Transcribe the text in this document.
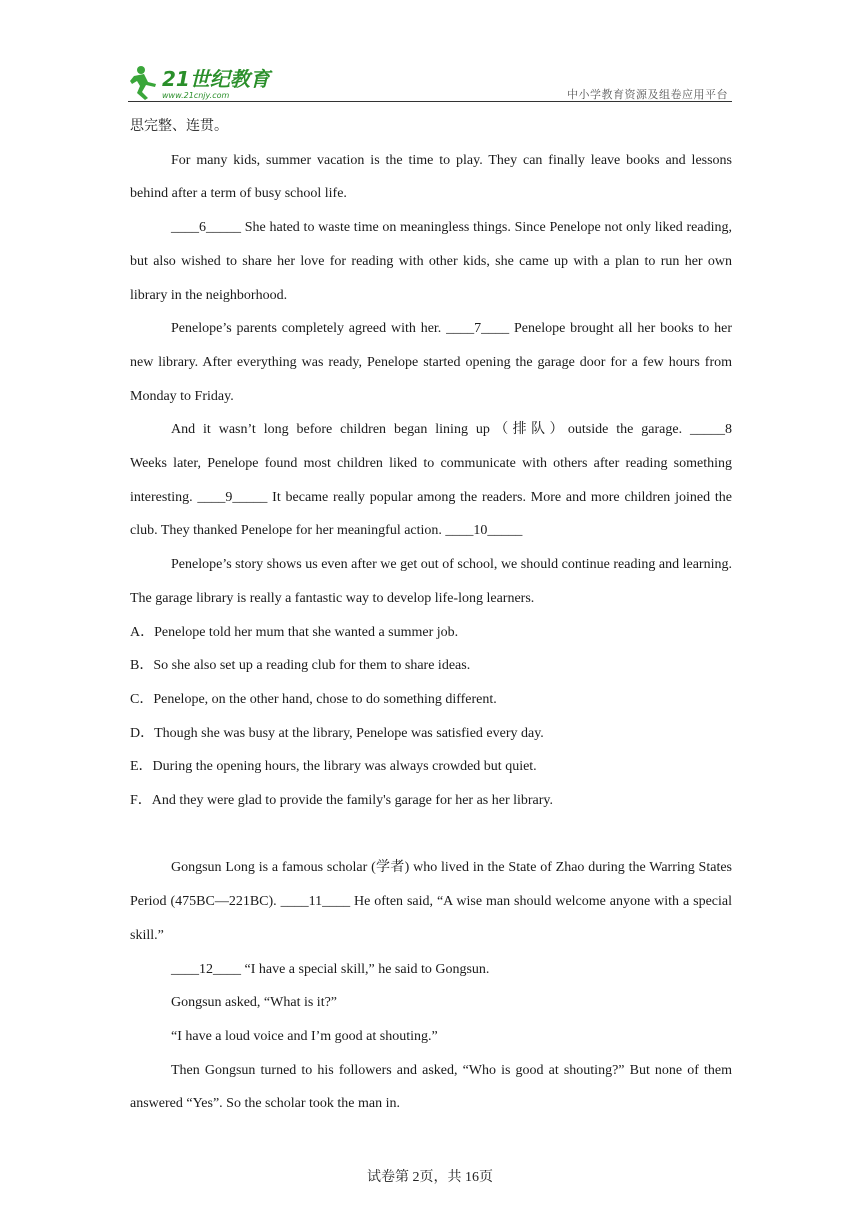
21世纪教育
www.21cnjy.com	中小学教育资源及组卷应用平台

思完整、连贯。

For many kids, summer vacation is the time to play. They can finally leave books and lessons behind after a term of busy school life.

____6_____ She hated to waste time on meaningless things. Since Penelope not only liked reading, but also wished to share her love for reading with other kids, she came up with a plan to run her own library in the neighborhood.

Penelope’s parents completely agreed with her. ____7____ Penelope brought all her books to her new library. After everything was ready, Penelope started opening the garage door for a few hours from Monday to Friday.

And it wasn’t long before children began lining up（排队）outside the garage. _____8

Weeks later, Penelope found most children liked to communicate with others after reading something interesting. ____9_____ It became really popular among the readers. More and more children joined the club. They thanked Penelope for her meaningful action. ____10_____

Penelope’s story shows us even after we get out of school, we should continue reading and learning. The garage library is really a fantastic way to develop life-long learners.

A．Penelope told her mum that she wanted a summer job.

B．So she also set up a reading club for them to share ideas.

C．Penelope, on the other hand, chose to do something different.

D．Though she was busy at the library, Penelope was satisfied every day.

E．During the opening hours, the library was always crowded but quiet.

F．And they were glad to provide the family's garage for her as her library.

Gongsun Long is a famous scholar (学者) who lived in the State of Zhao during the Warring States Period (475BC—221BC). ____11____ He often said, “A wise man should welcome anyone with a special skill.”

____12____ “I have a special skill,” he said to Gongsun.

Gongsun asked, “What is it?”

“I have a loud voice and I’m good at shouting.”

Then Gongsun turned to his followers and asked, “Who is good at shouting?” But none of them answered “Yes”. So the scholar took the man in.

试卷第 2页，共 16页
